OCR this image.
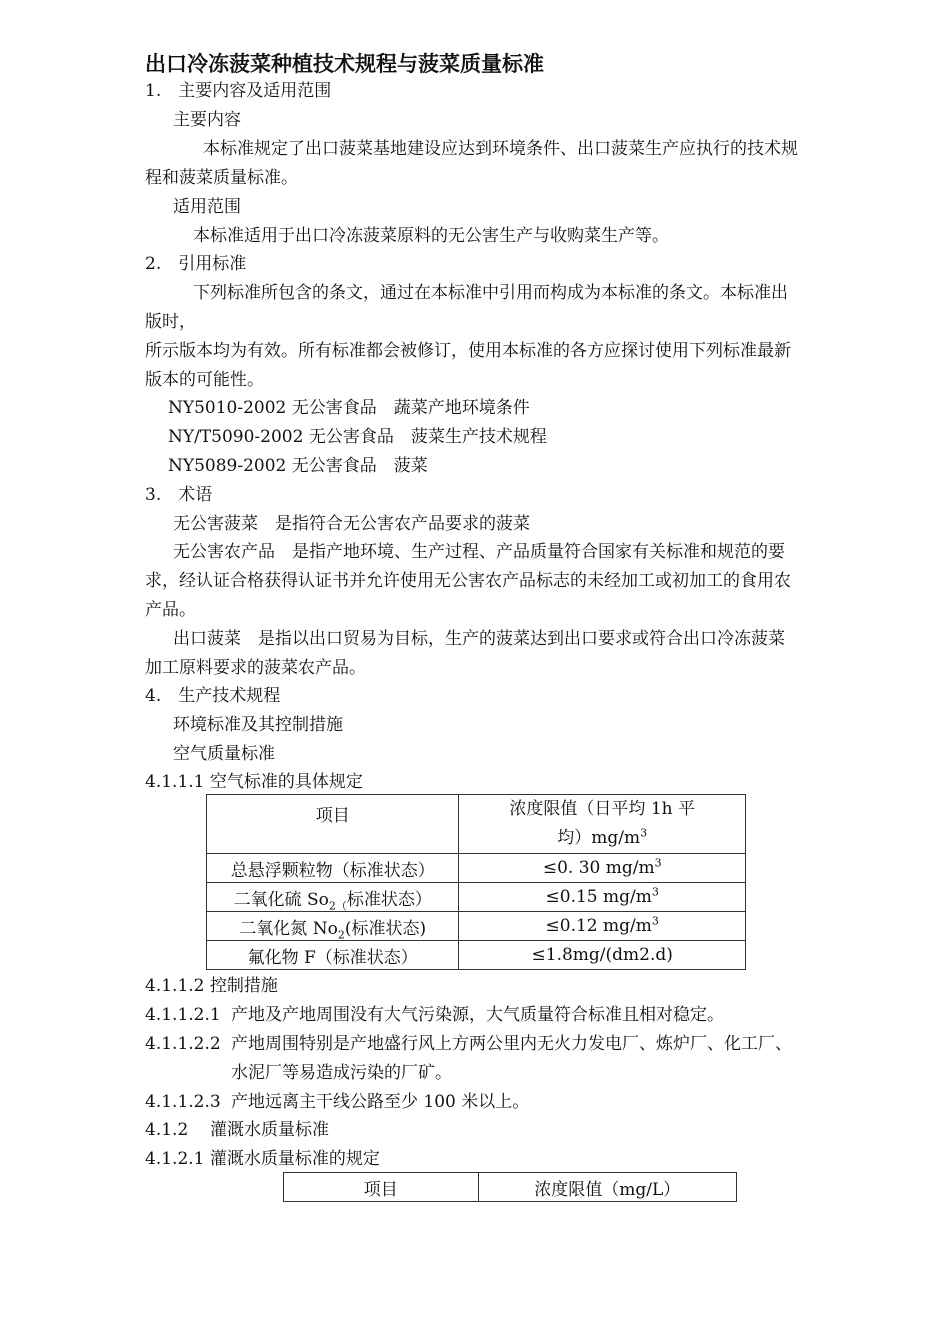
出口冷冻菠菜种植技术规程与菠菜质量标准
1.　主要内容及适用范围
主要内容
本标准规定了出口菠菜基地建设应达到环境条件、出口菠菜生产应执行的技术规
程和菠菜质量标准。
适用范围
本标准适用于出口冷冻菠菜原料的无公害生产与收购菜生产等。
2.　引用标准
下列标准所包含的条文，通过在本标准中引用而构成为本标准的条文。本标准出
版时，
所示版本均为有效。所有标准都会被修订，使用本标准的各方应探讨使用下列标准最新
版本的可能性。
NY5010-2002 无公害食品　蔬菜产地环境条件
NY/T5090-2002 无公害食品　菠菜生产技术规程
NY5089-2002 无公害食品　菠菜
3.　术语
无公害菠菜　是指符合无公害农产品要求的菠菜
无公害农产品　是指产地环境、生产过程、产品质量符合国家有关标准和规范的要
求，经认证合格获得认证书并允许使用无公害农产品标志的未经加工或初加工的食用农
产品。
出口菠菜　是指以出口贸易为目标，生产的菠菜达到出口要求或符合出口冷冻菠菜
加工原料要求的菠菜农产品。
4.　生产技术规程
环境标准及其控制措施
空气质量标准
4.1.1.1 空气标准的具体规定
项目	浓度限值（日平均 1h 平
均）$mg/m^3$
总悬浮颗粒物（标准状态）	≤0. 30 $mg/m^3$
二氧化硫 $So_{2(}$标准状态）	≤0.15 $mg/m^3$
二氧化氮 $No_2$(标准状态)	≤0.12 $mg/m^3$
氟化物 F（标准状态）	≤1.8mg/(dm2.d)
4.1.1.2 控制措施
4.1.1.2.1 产地及产地周围没有大气污染源，大气质量符合标准且相对稳定。
4.1.1.2.2 产地周围特别是产地盛行风上方两公里内无火力发电厂、炼炉厂、化工厂、
水泥厂等易造成污染的厂矿。
4.1.1.2.3 产地远离主干线公路至少 100 米以上。
4.1.2 灌溉水质量标准
4.1.2.1 灌溉水质量标准的规定
项目	浓度限值（mg/L）
